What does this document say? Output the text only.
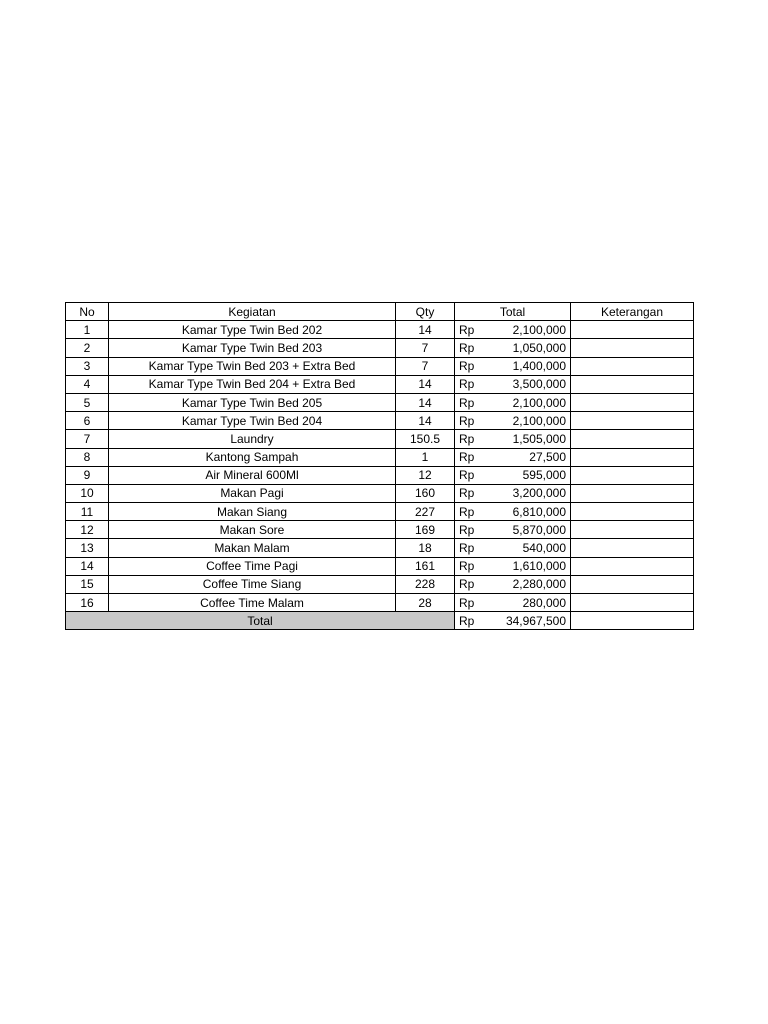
No	Kegiatan	Qty	Total		Keterangan
1	Kamar Type Twin Bed 202	14	Rp	2,100,000	
2	Kamar Type Twin Bed 203	7	Rp	1,050,000	
3	Kamar Type Twin Bed 203 + Extra Bed	7	Rp	1,400,000	
4	Kamar Type Twin Bed 204 + Extra Bed	14	Rp	3,500,000	
5	Kamar Type Twin Bed 205	14	Rp	2,100,000	
6	Kamar Type Twin Bed 204	14	Rp	2,100,000	
7	Laundry	150.5	Rp	1,505,000	
8	Kantong Sampah	1	Rp	27,500	
9	Air Mineral 600Ml	12	Rp	595,000	
10	Makan Pagi	160	Rp	3,200,000	
11	Makan Siang	227	Rp	6,810,000	
12	Makan Sore	169	Rp	5,870,000	
13	Makan Malam	18	Rp	540,000	
14	Coffee Time Pagi	161	Rp	1,610,000	
15	Coffee Time Siang	228	Rp	2,280,000	
16	Coffee Time Malam	28	Rp	280,000	
Total			Rp	34,967,500	
